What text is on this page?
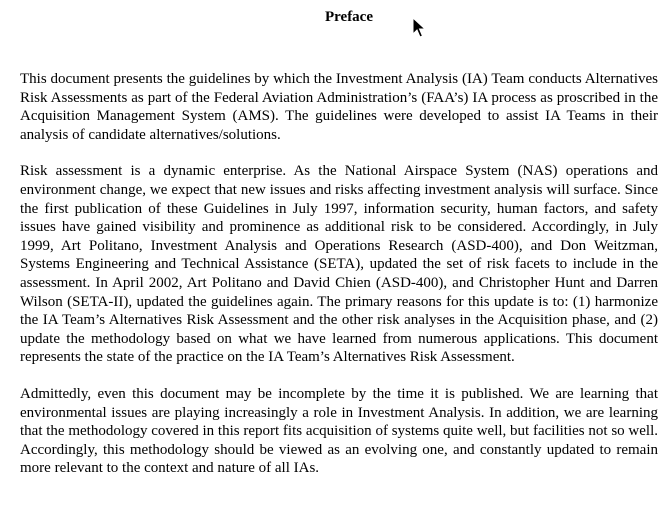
Preface

This document presents the guidelines by which the Investment Analysis (IA) Team conducts Alternatives Risk Assessments as part of the Federal Aviation Administration’s (FAA’s) IA process as proscribed in the Acquisition Management System (AMS). The guidelines were developed to assist IA Teams in their analysis of candidate alternatives/solutions.

Risk assessment is a dynamic enterprise. As the National Airspace System (NAS) operations and environment change, we expect that new issues and risks affecting investment analysis will surface. Since the first publication of these Guidelines in July 1997, information security, human factors, and safety issues have gained visibility and prominence as additional risk to be considered. Accordingly, in July 1999, Art Politano, Investment Analysis and Operations Research (ASD-400), and Don Weitzman, Systems Engineering and Technical Assistance (SETA), updated the set of risk facets to include in the assessment. In April 2002, Art Politano and David Chien (ASD-400), and Christopher Hunt and Darren Wilson (SETA-II), updated the guidelines again. The primary reasons for this update is to: (1) harmonize the IA Team’s Alternatives Risk Assessment and the other risk analyses in the Acquisition phase, and (2) update the methodology based on what we have learned from numerous applications. This document represents the state of the practice on the IA Team’s Alternatives Risk Assessment.

Admittedly, even this document may be incomplete by the time it is published. We are learning that environmental issues are playing increasingly a role in Investment Analysis. In addition, we are learning that the methodology covered in this report fits acquisition of systems quite well, but facilities not so well. Accordingly, this methodology should be viewed as an evolving one, and constantly updated to remain more relevant to the context and nature of all IAs.
